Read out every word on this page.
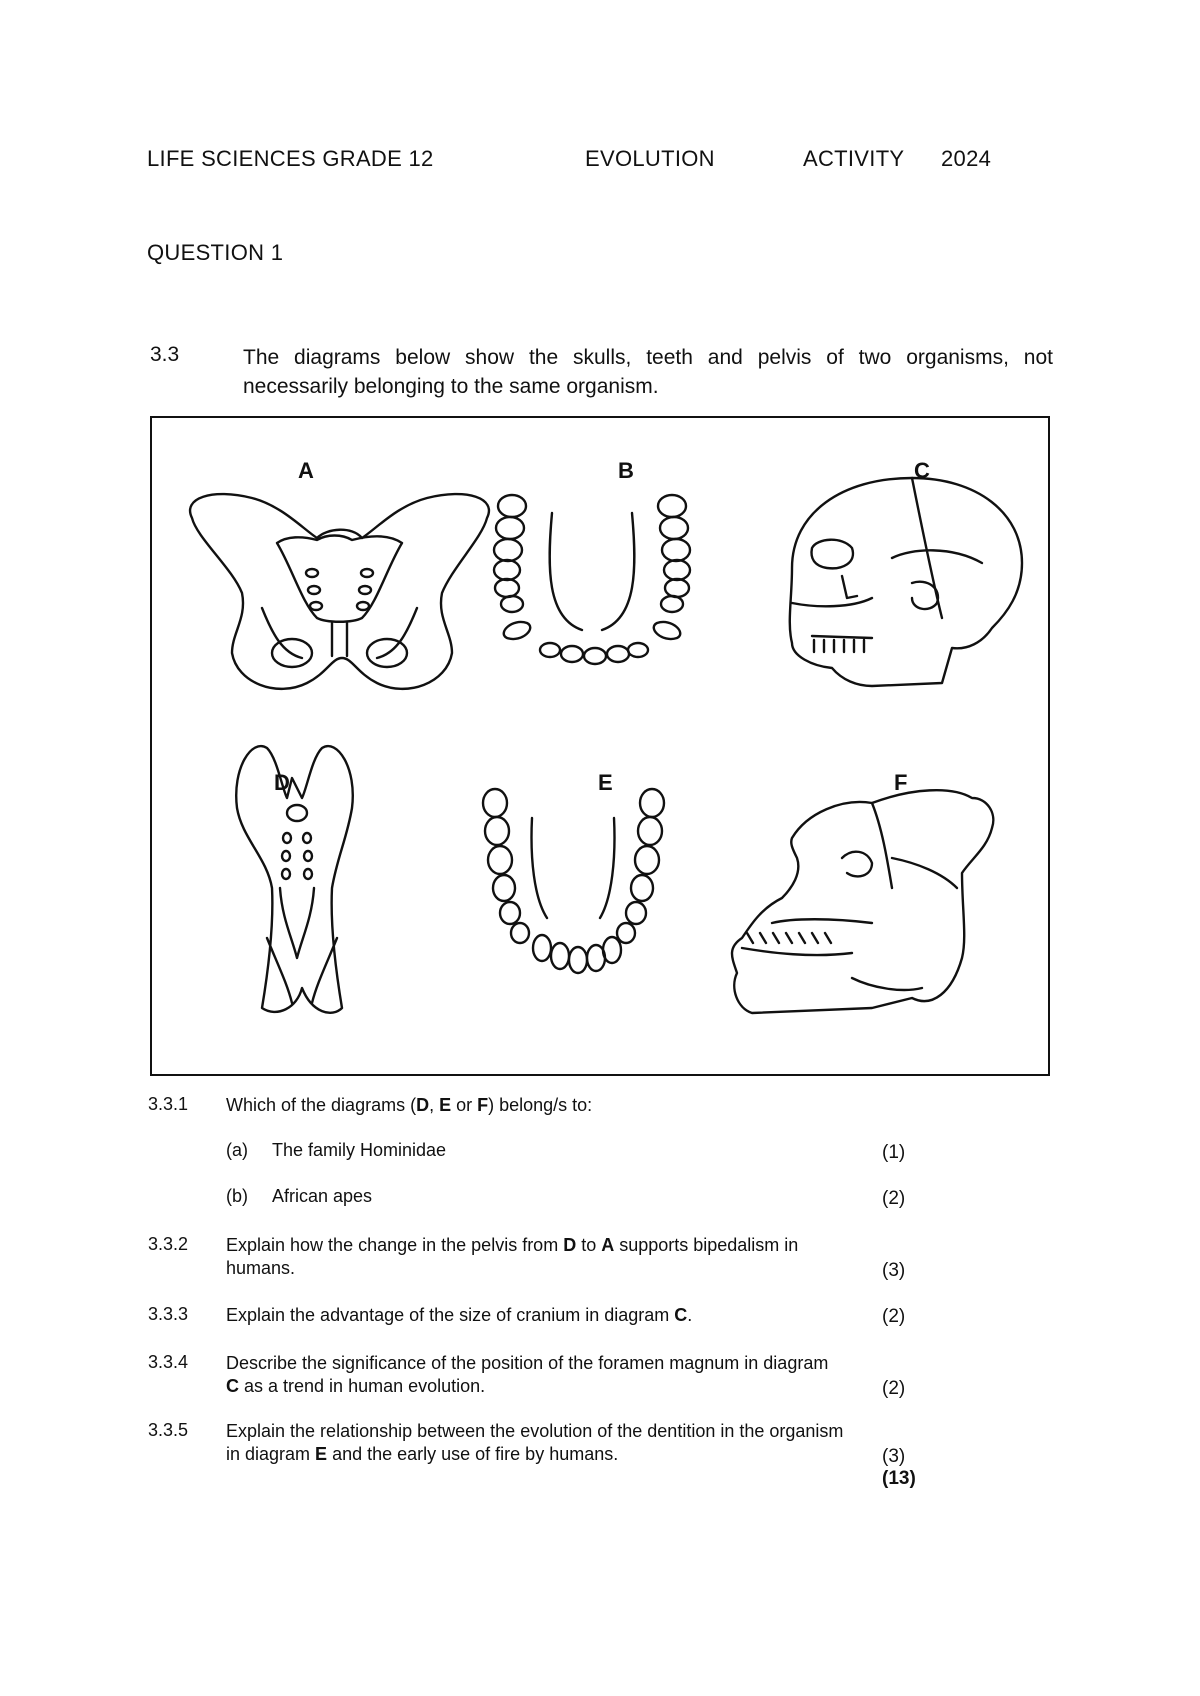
LIFE SCIENCES GRADE 12	EVOLUTION	ACTIVITY 2024
QUESTION 1
3.3	The diagrams below show the skulls, teeth and pelvis of two organisms, not necessarily belonging to the same organism.
A	B	C
D	E	F
3.3.1 Which of the diagrams (D, E or F) belong/s to:
(a) The family Hominidae	(1)
(b) African apes	(2)
3.3.2 Explain how the change in the pelvis from D to A supports bipedalism in humans.	(3)
3.3.3 Explain the advantage of the size of cranium in diagram C.	(2)
3.3.4 Describe the significance of the position of the foramen magnum in diagram C as a trend in human evolution.	(2)
3.3.5 Explain the relationship between the evolution of the dentition in the organism in diagram E and the early use of fire by humans.	(3)
(13)
